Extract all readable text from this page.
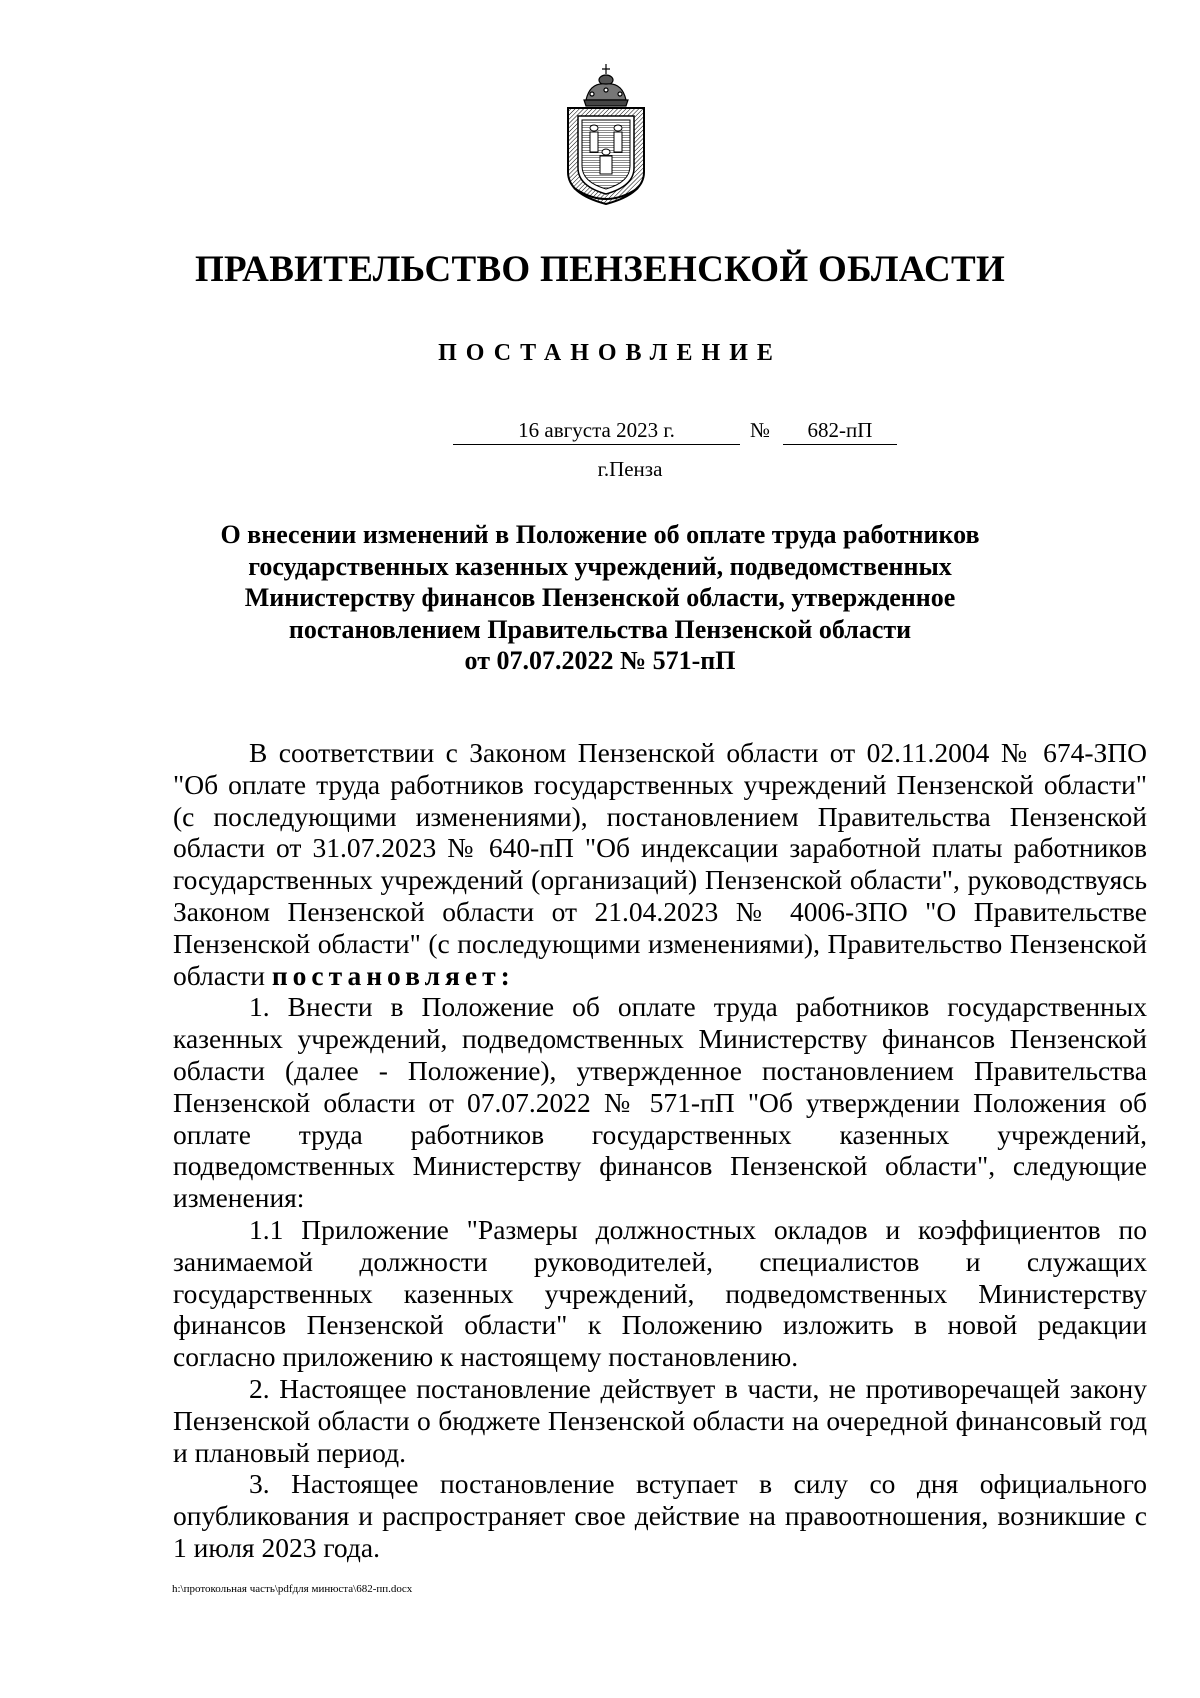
ПРАВИТЕЛЬСТВО ПЕНЗЕНСКОЙ ОБЛАСТИ
ПОСТАНОВЛЕНИЕ
16 августа 2023 г.	№	682-пП
г.Пенза
О внесении изменений в Положение об оплате труда работников
государственных казенных учреждений, подведомственных
Министерству финансов Пензенской области, утвержденное
постановлением Правительства Пензенской области
от 07.07.2022 № 571-пП

В соответствии с Законом Пензенской области от 02.11.2004 № 674-ЗПО "Об оплате труда работников государственных учреждений Пензенской области" (с последующими изменениями), постановлением Правительства Пензенской области от 31.07.2023 № 640-пП "Об индексации заработной платы работников государственных учреждений (организаций) Пензенской области", руководствуясь Законом Пензенской области от 21.04.2023 № 4006-ЗПО "О Правительстве Пензенской области" (с последующими изменениями), Правительство Пензенской области постановляет:

1. Внести в Положение об оплате труда работников государственных казенных учреждений, подведомственных Министерству финансов Пензенской области (далее - Положение), утвержденное постановлением Правительства Пензенской области от 07.07.2022 № 571-пП "Об утверждении Положения об оплате труда работников государственных казенных учреждений, подведомственных Министерству финансов Пензенской области", следующие изменения:

1.1 Приложение "Размеры должностных окладов и коэффициентов по занимаемой должности руководителей, специалистов и служащих государственных казенных учреждений, подведомственных Министерству финансов Пензенской области" к Положению изложить в новой редакции согласно приложению к настоящему постановлению.

2. Настоящее постановление действует в части, не противоречащей закону Пензенской области о бюджете Пензенской области на очередной финансовый год и плановый период.

3. Настоящее постановление вступает в силу со дня официального опубликования и распространяет свое действие на правоотношения, возникшие с 1 июля 2023 года.

h:\протокольная часть\pdfдля минюста\682-пп.docx
